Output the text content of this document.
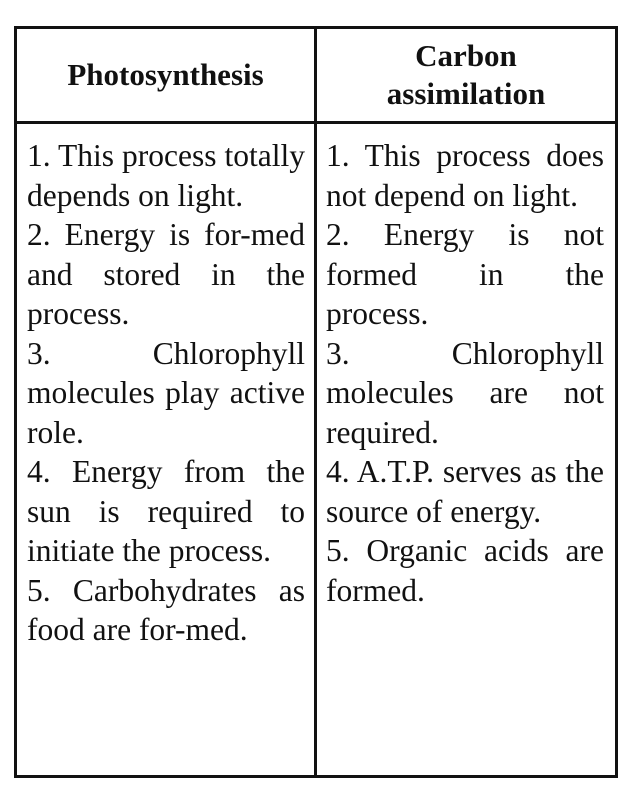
Photosynthesis
Carbon
assimilation

1. This process totally depends on light.

2. Energy is for-med and stored in the process.

3. Chlorophyll molecules play active role.

4. Energy from the sun is required to initiate the process.

5. Carbohydrates as food are for-med.

1. This process does not depend on light.

2. Energy is not formed in the process.

3. Chlorophyll molecules are not required.

4. A.T.P. serves as the source of energy.

5. Organic acids are formed.
